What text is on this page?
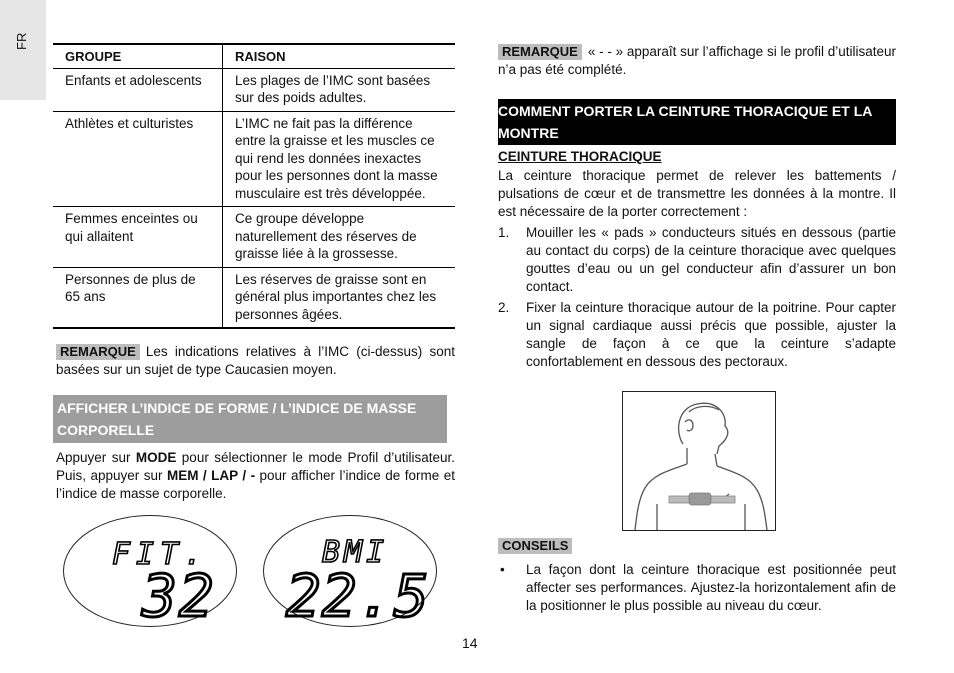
FR
GROUPE	RAISON
Enfants et adolescents	Les plages de l’IMC sont basées sur des poids adultes.
Athlètes et culturistes	L’IMC ne fait pas la différence entre la graisse et les muscles ce qui rend les données inexactes pour les personnes dont la masse musculaire est très développée.
Femmes enceintes ou qui allaitent	Ce groupe développe naturellement des réserves de graisse liée à la grossesse.
Personnes de plus de 65 ans	Les réserves de graisse sont en général plus importantes chez les personnes âgées.
REMARQUE Les indications relatives à l’IMC (ci-dessus) sont basées sur un sujet de type Caucasien moyen.
AFFICHER L’INDICE DE FORME / L’INDICE DE MASSE CORPORELLE
Appuyer sur MODE pour sélectionner le mode Profil d’utilisateur. Puis, appuyer sur MEM / LAP / - pour afficher l’indice de forme et l’indice de masse corporelle.
FIT.
32
BMI
22.5
REMARQUE « - - » apparaît sur l’affichage si le profil d’utilisateur n’a pas été complété.
COMMENT PORTER LA CEINTURE THORACIQUE ET LA MONTRE
CEINTURE THORACIQUE
La ceinture thoracique permet de relever les battements / pulsations de cœur et de transmettre les données à la montre. Il est nécessaire de la porter correctement :
1. Mouiller les « pads » conducteurs situés en dessous (partie au contact du corps) de la ceinture thoracique avec quelques gouttes d’eau ou un gel conducteur afin d’assurer un bon contact.
2. Fixer la ceinture thoracique autour de la poitrine. Pour capter un signal cardiaque aussi précis que possible, ajuster la sangle de façon à ce que la ceinture s’adapte confortablement en dessous des pectoraux.
CONSEILS
• La façon dont la ceinture thoracique est positionnée peut affecter ses performances. Ajustez-la horizontalement afin de la positionner le plus possible au niveau du cœur.
14
